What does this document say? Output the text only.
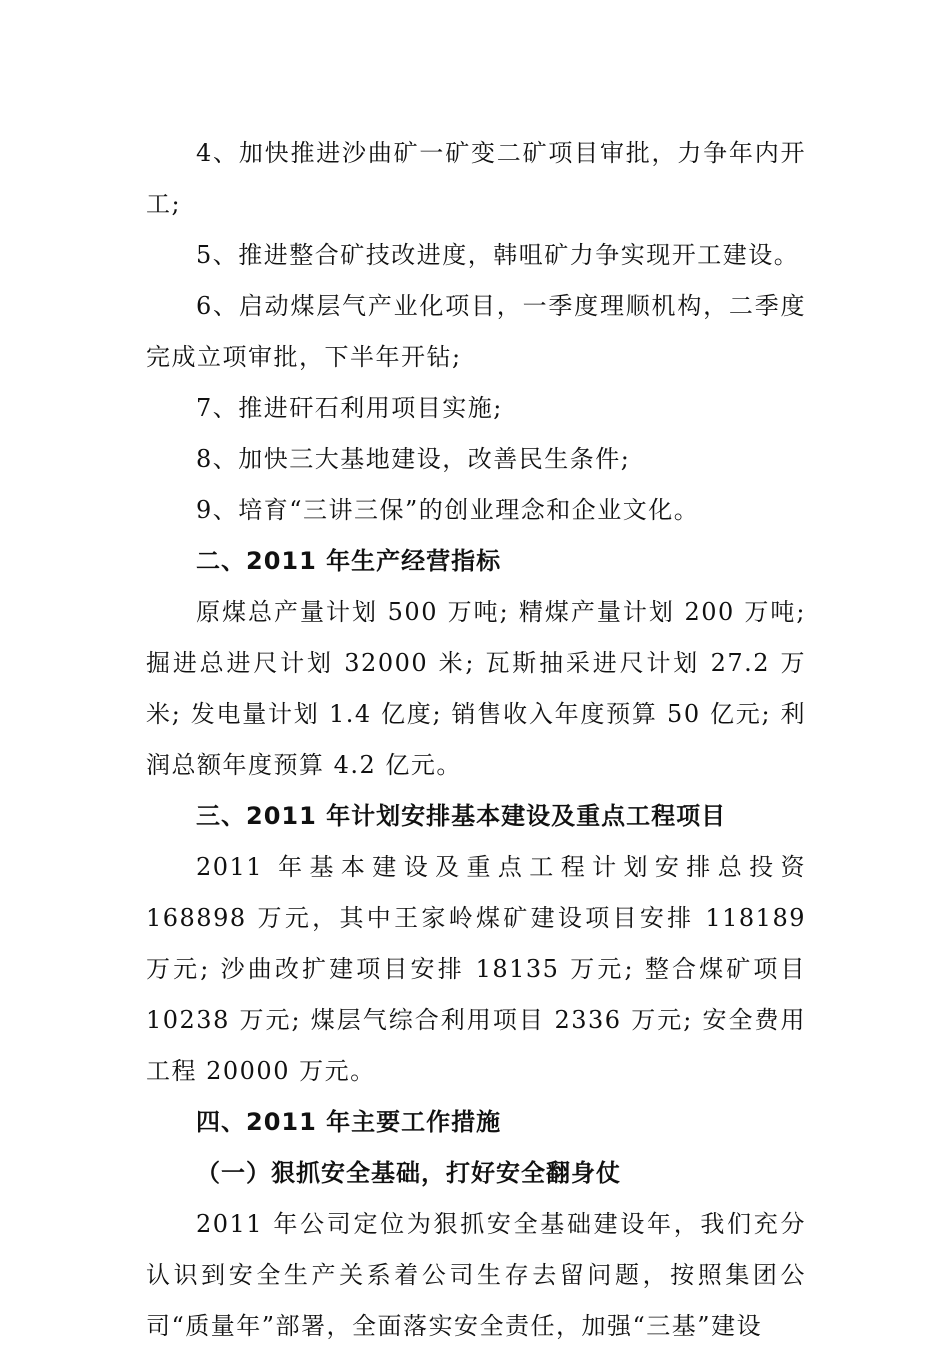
4、加快推进沙曲矿一矿变二矿项目审批，力争年内开工;

5、推进整合矿技改进度，韩咀矿力争实现开工建设。

6、启动煤层气产业化项目，一季度理顺机构，二季度完成立项审批，下半年开钻;

7、推进矸石利用项目实施;

8、加快三大基地建设，改善民生条件;

9、培育“三讲三保”的创业理念和企业文化。

二、2011 年生产经营指标

原煤总产量计划 500 万吨; 精煤产量计划 200 万吨; 掘进总进尺计划 32000 米; 瓦斯抽采进尺计划 27.2 万米; 发电量计划 1.4 亿度; 销售收入年度预算 50 亿元; 利润总额年度预算 4.2 亿元。

三、2011 年计划安排基本建设及重点工程项目

2011 年基本建设及重点工程计划安排总投资 168898 万元，其中王家岭煤矿建设项目安排 118189 万元; 沙曲改扩建项目安排 18135 万元; 整合煤矿项目 10238 万元; 煤层气综合利用项目 2336 万元; 安全费用工程 20000 万元。

四、2011 年主要工作措施

（一）狠抓安全基础，打好安全翻身仗

2011 年公司定位为狠抓安全基础建设年，我们充分认识到安全生产关系着公司生存去留问题，按照集团公司“质量年”部署，全面落实安全责任，加强“三基”建设
